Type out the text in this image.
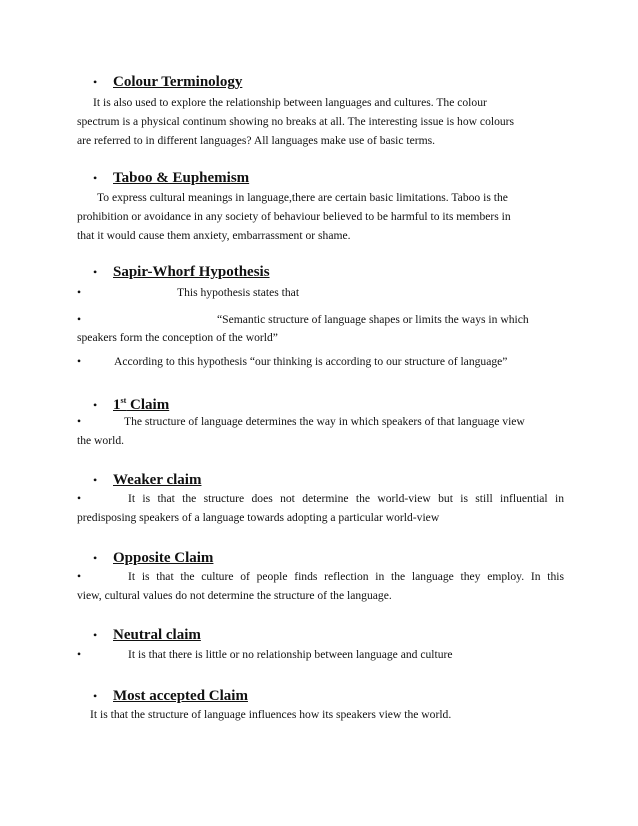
• Colour Terminology
It is also used to explore the relationship between languages and cultures. The colour
spectrum is a physical continum showing no breaks at all. The interesting issue is how colours
are referred to in different languages? All languages make use of basic terms.
• Taboo & Euphemism
To express cultural meanings in language,there are certain basic limitations. Taboo is the
prohibition or avoidance in any society of behaviour believed to be harmful to its members in
that it would cause them anxiety, embarrassment or shame.
• Sapir-Whorf Hypothesis
•	This hypothesis states that
•	“Semantic structure of language shapes or limits the ways in which
speakers form the conception of the world”
•	According to this hypothesis “our thinking is according to our structure of language”
• 1st Claim
•	The structure of language determines the way in which speakers of that language view
the world.
• Weaker claim
•	It is that the structure does not determine the world-view but is still influential in
predisposing speakers of a language towards adopting a particular world-view
• Opposite Claim
•	It is that the culture of people finds reflection in the language they employ. In this
view, cultural values do not determine the structure of the language.
• Neutral claim
•	It is that there is little or no relationship between language and culture
• Most accepted Claim
It is that the structure of language influences how its speakers view the world.
